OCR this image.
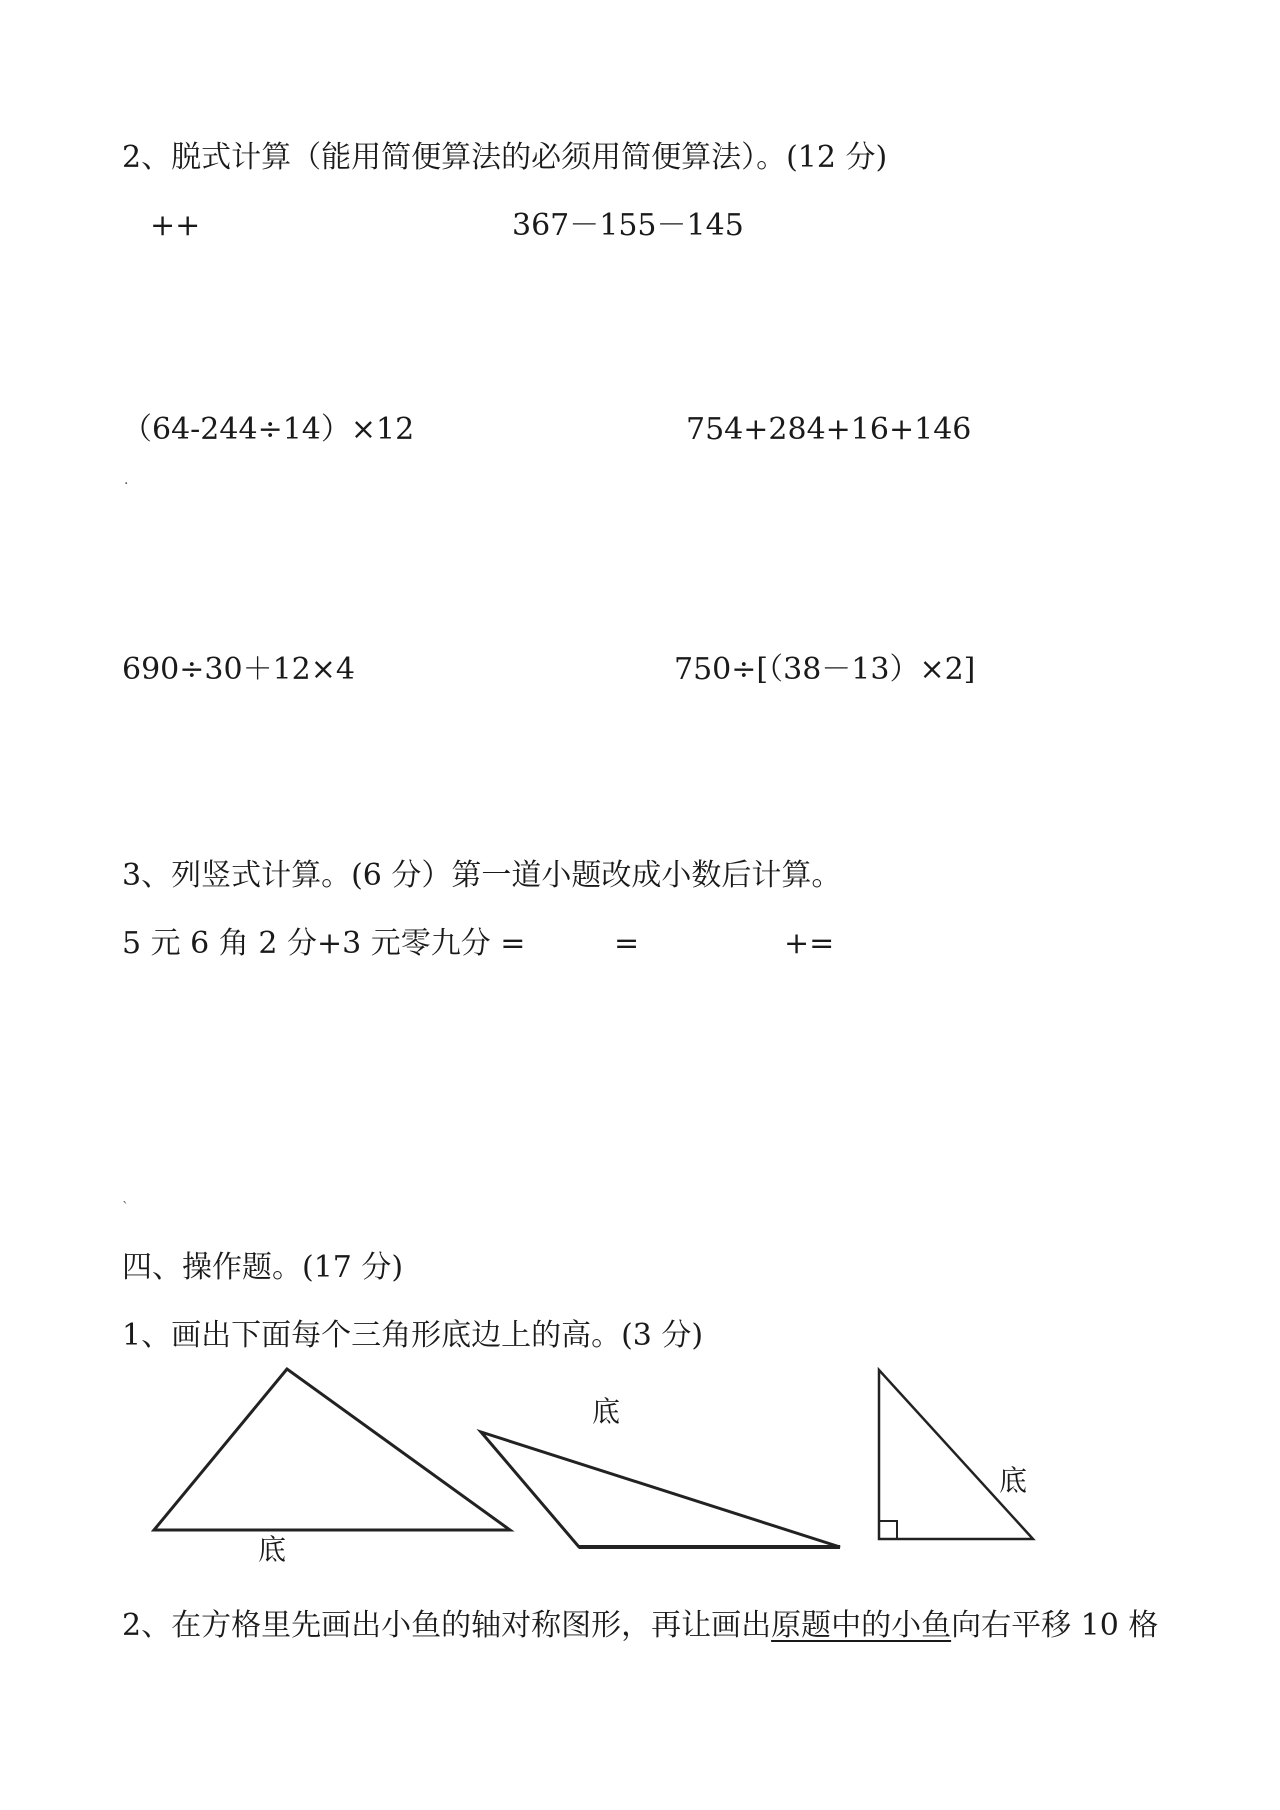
2、脱式计算（能用简便算法的必须用简便算法）。(12 分)
++	367－155－145
（64-244÷14）×12	754+284+16+146
·
690÷30＋12×4	750÷[（38－13）×2]
3、列竖式计算。(6 分）第一道小题改成小数后计算。
5 元 6 角 2 分+3 元零九分 =	=	+=
`
四、操作题。(17 分)
1、画出下面每个三角形底边上的高。(3 分)
底
底
底
2、在方格里先画出小鱼的轴对称图形，再让画出原题中的小鱼向右平移 10 格
